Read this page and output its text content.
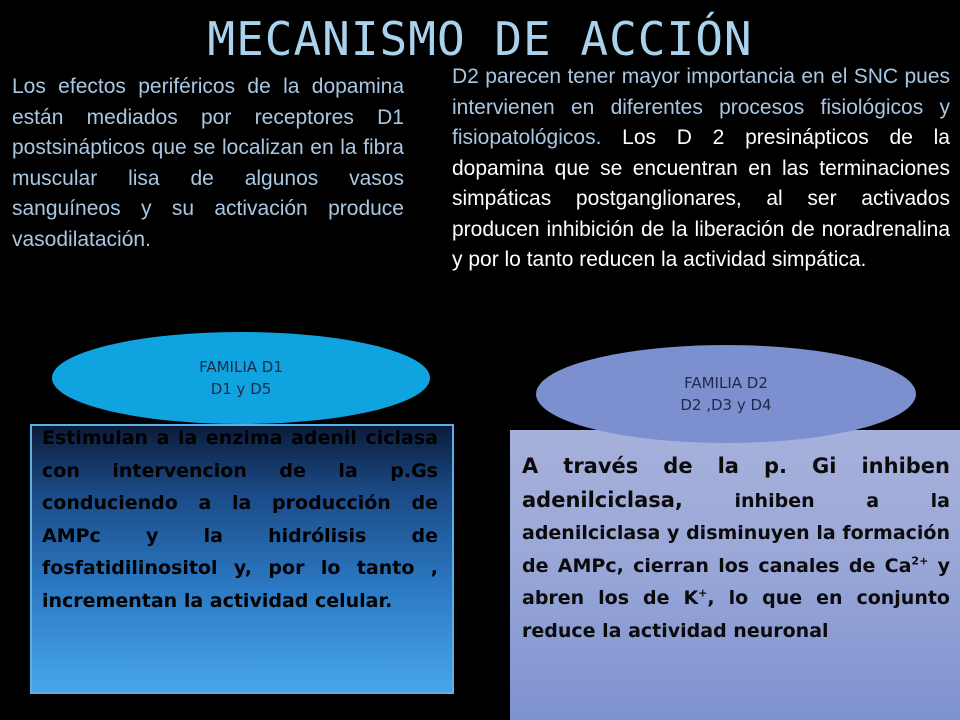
MECANISMO DE ACCIÓN
Los efectos periféricos de la dopamina están mediados por receptores D1 postsinápticos que se localizan en la fibra muscular lisa de algunos vasos sanguíneos y su activación produce vasodilatación.
D2 parecen tener mayor importancia en el SNC pues intervienen en diferentes procesos fisiológicos y fisiopatológicos. Los D 2 presinápticos de la dopamina que se encuentran en las terminaciones simpáticas postganglionares, al ser activados producen inhibición de la liberación de noradrenalina y por lo tanto reducen la actividad simpática.

Estimulan a la enzima adenil ciclasa con intervencion de la p.Gs conduciendo a la producción de AMPc y la hidrólisis de fosfatidilinositol y, por lo tanto , incrementan la actividad celular.

A través de la p. Gi inhiben adenilciclasa, inhiben a la adenilciclasa y disminuyen la formación de AMPc, cierran los canales de $Ca^{2+}$ y abren los de K+, lo que en conjunto reduce la actividad neuronal

FAMILIA D1
D1 y D5	FAMILIA D2
D2 ,D3 y D4
